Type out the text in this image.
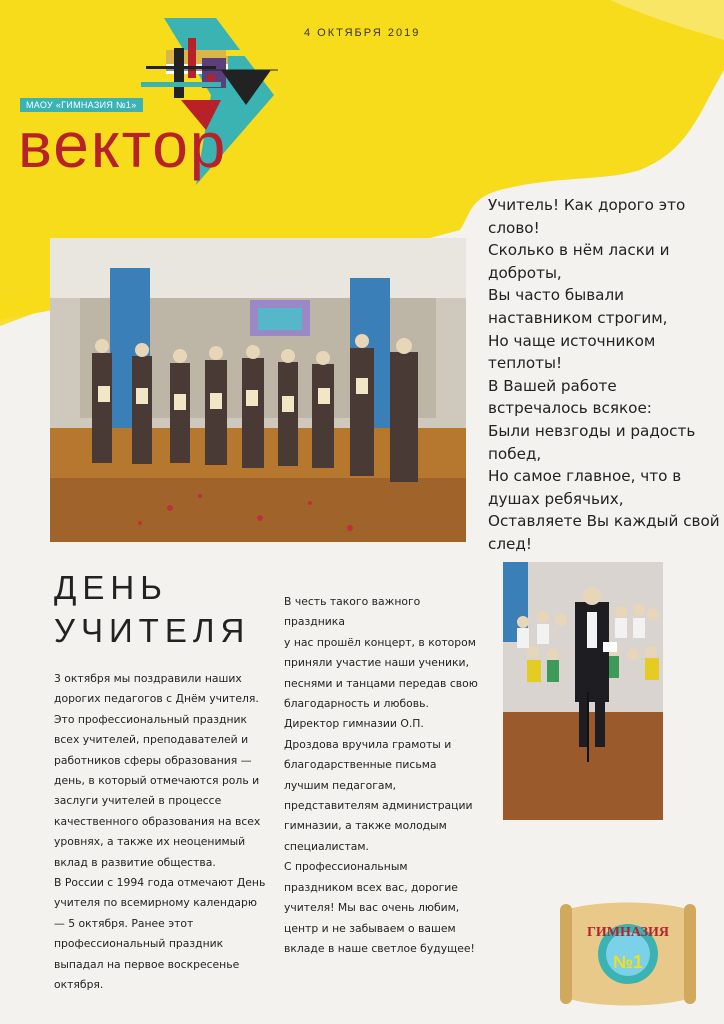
МАОУ «ГИМНАЗИЯ №1»
вектор
4 ОКТЯБРЯ 2019
Учитель! Как дорого это
слово!
Сколько в нём ласки и
доброты,
Вы часто бывали
наставником строгим,
Но чаще источником
теплоты!
В Вашей работе
встречалось всякое:
Были невзгоды и радость
побед,
Но самое главное, что в
душах ребячьих,
Оставляете Вы каждый свой
след!
ДЕНЬ
УЧИТЕЛЯ
3 октября мы поздравили наших
дорогих педагогов с Днём учителя.
Это профессиональный праздник
всех учителей, преподавателей и
работников сферы образования —
день, в который отмечаются роль и
заслуги учителей в процессе
качественного образования на всех
уровнях, а также их неоценимый
вклад в развитие общества.
В России с 1994 года отмечают День
учителя по всемирному календарю
— 5 октября. Ранее этот
профессиональный праздник
выпадал на первое воскресенье
октября.
В честь такого важного праздника
у нас прошёл концерт, в котором
приняли участие наши ученики,
песнями и танцами передав свою
благодарность и любовь.
Директор гимназии О.П.
Дроздова вручила грамоты и
благодарственные письма
лучшим педагогам,
представителям администрации
гимназии, а также молодым
специалистам.
С профессиональным
праздником всех вас, дорогие
учителя! Мы вас очень любим,
центр и не забываем о вашем
вкладе в наше светлое будущее!
ГИМНАЗИЯ
№1
